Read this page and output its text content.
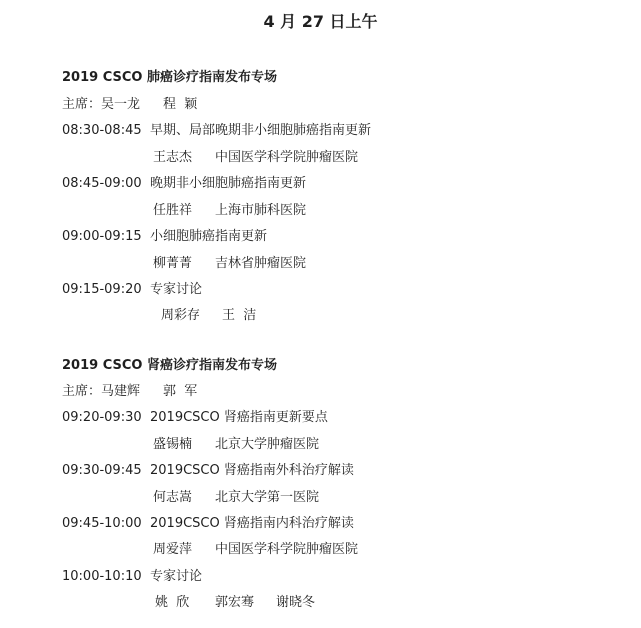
4 月 27 日上午
2019 CSCO 肺癌诊疗指南发布专场
主席：吴一龙 程  颖
08:30-08:45 早期、局部晚期非小细胞肺癌指南更新
王志杰 中国医学科学院肿瘤医院
08:45-09:00 晚期非小细胞肺癌指南更新
任胜祥 上海市肺科医院
09:00-09:15 小细胞肺癌指南更新
柳菁菁 吉林省肿瘤医院
09:15-09:20 专家讨论
周彩存 王  洁
2019 CSCO 肾癌诊疗指南发布专场
主席：马建辉 郭  军
09:20-09:30 2019CSCO 肾癌指南更新要点
盛锡楠 北京大学肿瘤医院
09:30-09:45 2019CSCO 肾癌指南外科治疗解读
何志嵩 北京大学第一医院
09:45-10:00 2019CSCO 肾癌指南内科治疗解读
周爱萍 中国医学科学院肿瘤医院
10:00-10:10 专家讨论
姚  欣 郭宏骞 谢晓冬
